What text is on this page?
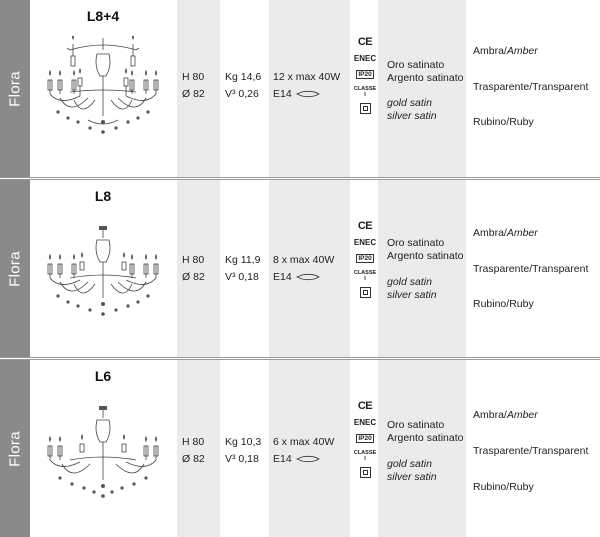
Flora
L8+4
H 80
Ø 82
Kg 14,6
V³ 0,26
12 x max 40W
E14
CE
ENEC
IP20
CLASSE I
Oro satinato
Argento satinato
gold satin
silver satin
Ambra/Amber
Trasparente/Transparent
Rubino/Ruby
Flora
L8
H 80
Ø 82
Kg 11,9
V³ 0,18
8 x max 40W
E14
CE
ENEC
IP20
CLASSE I
Oro satinato
Argento satinato
gold satin
silver satin
Ambra/Amber
Trasparente/Transparent
Rubino/Ruby
Flora
L6
H 80
Ø 82
Kg 10,3
V³ 0,18
6 x max 40W
E14
CE
ENEC
IP20
CLASSE I
Oro satinato
Argento satinato
gold satin
silver satin
Ambra/Amber
Trasparente/Transparent
Rubino/Ruby
